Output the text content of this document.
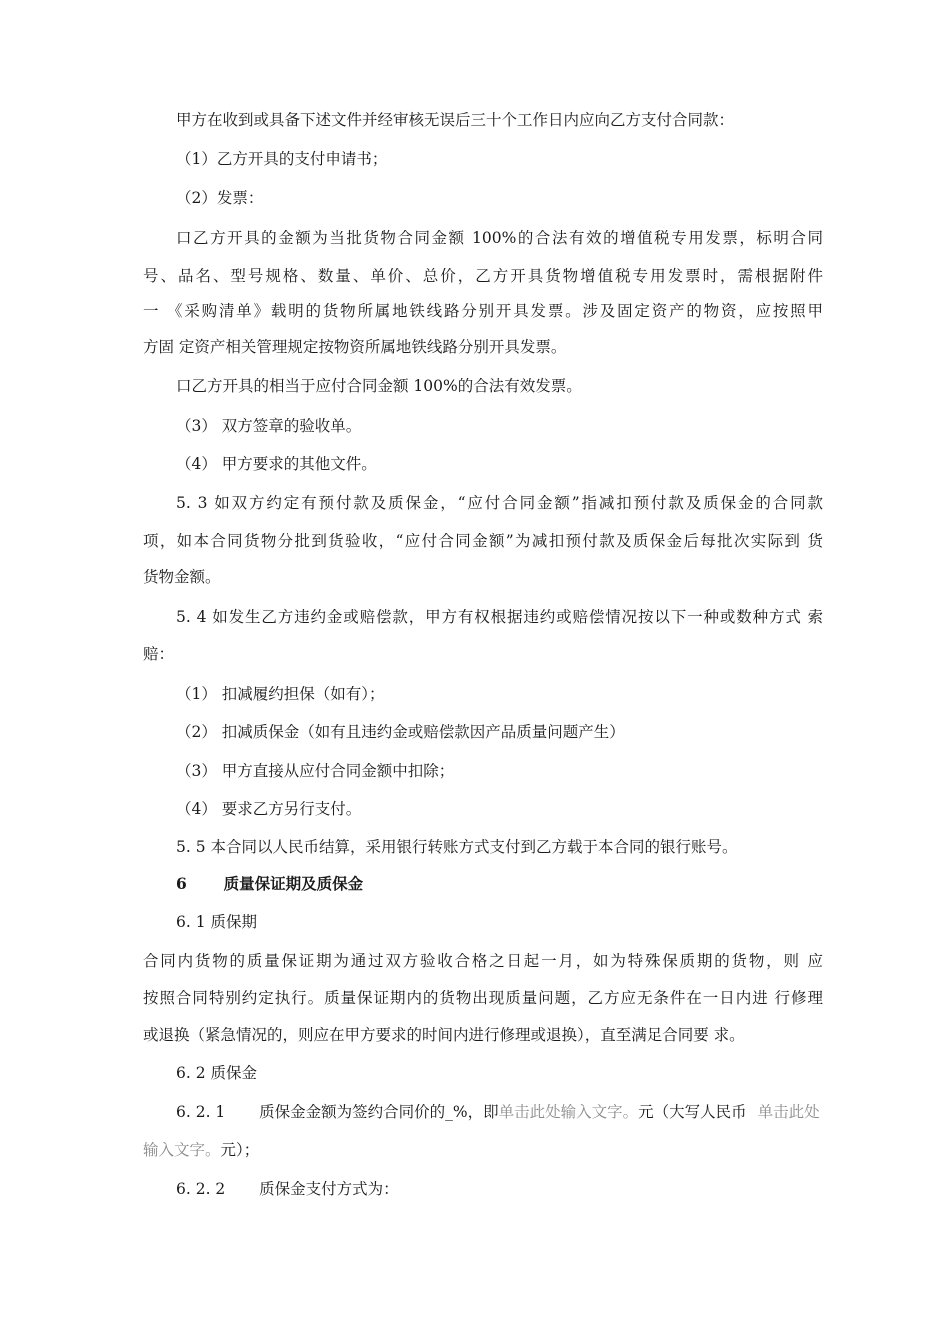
甲方在收到或具备下述文件并经审核无误后三十个工作日内应向乙方支付合同款：
（1）乙方开具的支付申请书；
（2）发票：
口乙方开具的金额为当批货物合同金额 100%的合法有效的增值税专用发票，标明合同
号、品名、型号规格、数量、单价、总价，乙方开具货物增值税专用发票时，需根据附件
一 《采购清单》载明的货物所属地铁线路分别开具发票。涉及固定资产的物资，应按照甲
方固 定资产相关管理规定按物资所属地铁线路分别开具发票。
口乙方开具的相当于应付合同金额 100%的合法有效发票。
（3） 双方签章的验收单。
（4） 甲方要求的其他文件。
5. 3 如双方约定有预付款及质保金，“应付合同金额”指减扣预付款及质保金的合同款
项，如本合同货物分批到货验收，“应付合同金额”为减扣预付款及质保金后每批次实际到 货
货物金额。
5. 4 如发生乙方违约金或赔偿款，甲方有权根据违约或赔偿情况按以下一种或数种方式 索
赔：
（1） 扣减履约担保（如有）；
（2） 扣减质保金（如有且违约金或赔偿款因产品质量问题产生）
（3） 甲方直接从应付合同金额中扣除；
（4） 要求乙方另行支付。
5. 5 本合同以人民币结算，采用银行转账方式支付到乙方载于本合同的银行账号。
6 质量保证期及质保金
6. 1 质保期
合同内货物的质量保证期为通过双方验收合格之日起一月，如为特殊保质期的货物，则 应
按照合同特别约定执行。质量保证期内的货物出现质量问题，乙方应无条件在一日内进 行修理
或退换（紧急情况的，则应在甲方要求的时间内进行修理或退换），直至满足合同要 求。
6. 2 质保金
6. 2. 1 质保金金额为签约合同价的_%，即单击此处输入文字。元（大写人民币 单击此处
输入文字。元）；
6. 2. 2 质保金支付方式为：
